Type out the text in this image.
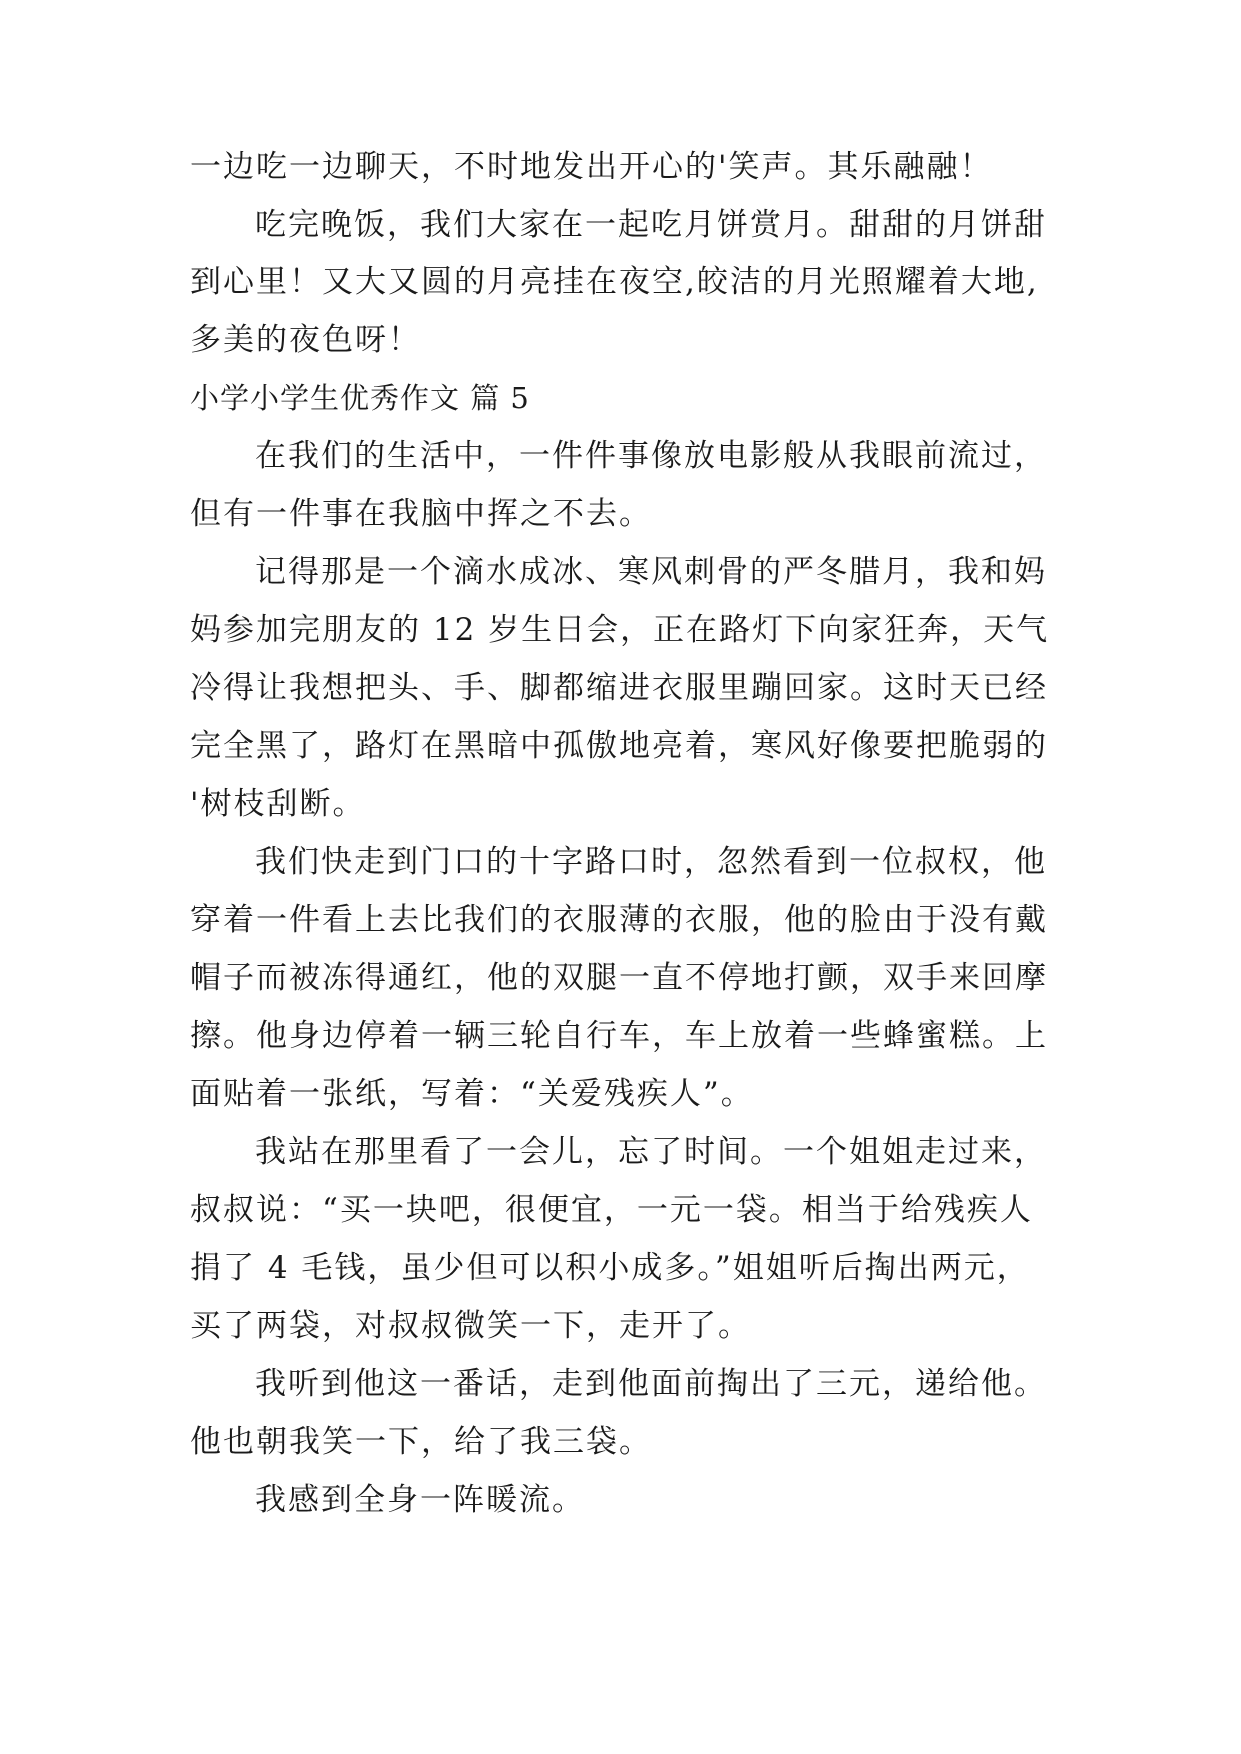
一边吃一边聊天，不时地发出开心的'笑声。其乐融融！
吃完晚饭，我们大家在一起吃月饼赏月。甜甜的月饼甜
到心里！又大又圆的月亮挂在夜空,皎洁的月光照耀着大地,
多美的夜色呀！
小学小学生优秀作文 篇 5
在我们的生活中，一件件事像放电影般从我眼前流过，
但有一件事在我脑中挥之不去。
记得那是一个滴水成冰、寒风刺骨的严冬腊月，我和妈
妈参加完朋友的 12 岁生日会，正在路灯下向家狂奔，天气
冷得让我想把头、手、脚都缩进衣服里蹦回家。这时天已经
完全黑了，路灯在黑暗中孤傲地亮着，寒风好像要把脆弱的
'树枝刮断。
我们快走到门口的十字路口时，忽然看到一位叔权，他
穿着一件看上去比我们的衣服薄的衣服，他的脸由于没有戴
帽子而被冻得通红，他的双腿一直不停地打颤，双手来回摩
擦。他身边停着一辆三轮自行车，车上放着一些蜂蜜糕。上
面贴着一张纸，写着：“关爱残疾人”。
我站在那里看了一会儿，忘了时间。一个姐姐走过来，
叔叔说：“买一块吧，很便宜，一元一袋。相当于给残疾人
捐了 4 毛钱，虽少但可以积小成多。”姐姐听后掏出两元，
买了两袋，对叔叔微笑一下，走开了。
我听到他这一番话，走到他面前掏出了三元，递给他。
他也朝我笑一下，给了我三袋。
我感到全身一阵暖流。
